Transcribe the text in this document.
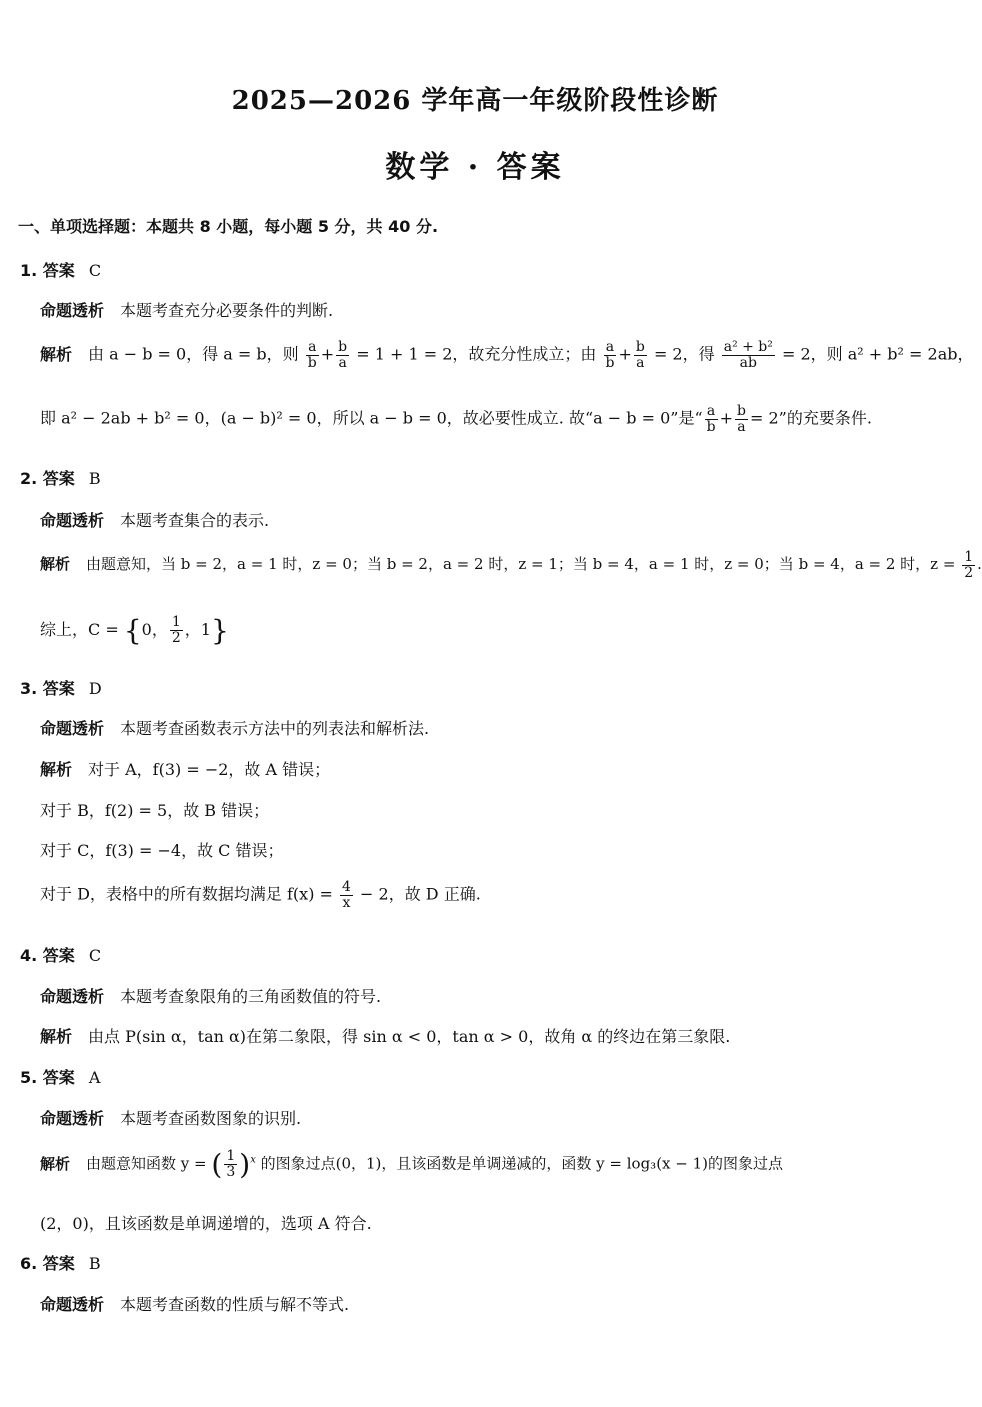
2025—2026 学年高一年级阶段性诊断
数学 · 答案
一、单项选择题：本题共 8 小题，每小题 5 分，共 40 分.
1. 答案 C
命题透析 本题考查充分必要条件的判断.
解析 由 a − b = 0，得 a = b，则 $\frac{a}{b} + \frac{b}{a} = 1 + 1 = 2$，故充分性成立；由 $\frac{a}{b} + \frac{b}{a} = 2$，得 $\frac{\text{a² + b²}}{ab} = 2$，则 a² + b² = 2ab，
即 a² − 2ab + b² = 0，(a − b)² = 0，所以 a − b = 0，故必要性成立. 故“a − b = 0”是“ $\frac{a}{b} + \frac{b}{a} = 2$”的充要条件.
2. 答案 B
命题透析 本题考查集合的表示.
解析 由题意知，当 b = 2，a = 1 时，z = 0；当 b = 2，a = 2 时，z = 1；当 b = 4，a = 1 时，z = 0；当 b = 4，a = 2 时，$z = \frac{1}{2}$ .
综上，C = {0， $\frac{1}{2}$ ，1}
3. 答案 D
命题透析 本题考查函数表示方法中的列表法和解析法.
解析 对于 A，f(3) = −2，故 A 错误；
对于 B，f(2) = 5，故 B 错误；
对于 C，f(3) = −4，故 C 错误；
对于 D，表格中的所有数据均满足 $f(x) = \frac{4}{x} - 2$，故 D 正确.
4. 答案 C
命题透析 本题考查象限角的三角函数值的符号.
解析 由点 P(sin α，tan α)在第二象限，得 sin α < 0，tan α > 0，故角 α 的终边在第三象限.
5. 答案 A
命题透析 本题考查函数图象的识别.
解析 由题意知函数 y = ( $\frac{1}{3} )^x$ 的图象过点(0，1)，且该函数是单调递减的，函数 y = log₃(x − 1)的图象过点
(2，0)，且该函数是单调递增的，选项 A 符合.
6. 答案 B
命题透析 本题考查函数的性质与解不等式.
